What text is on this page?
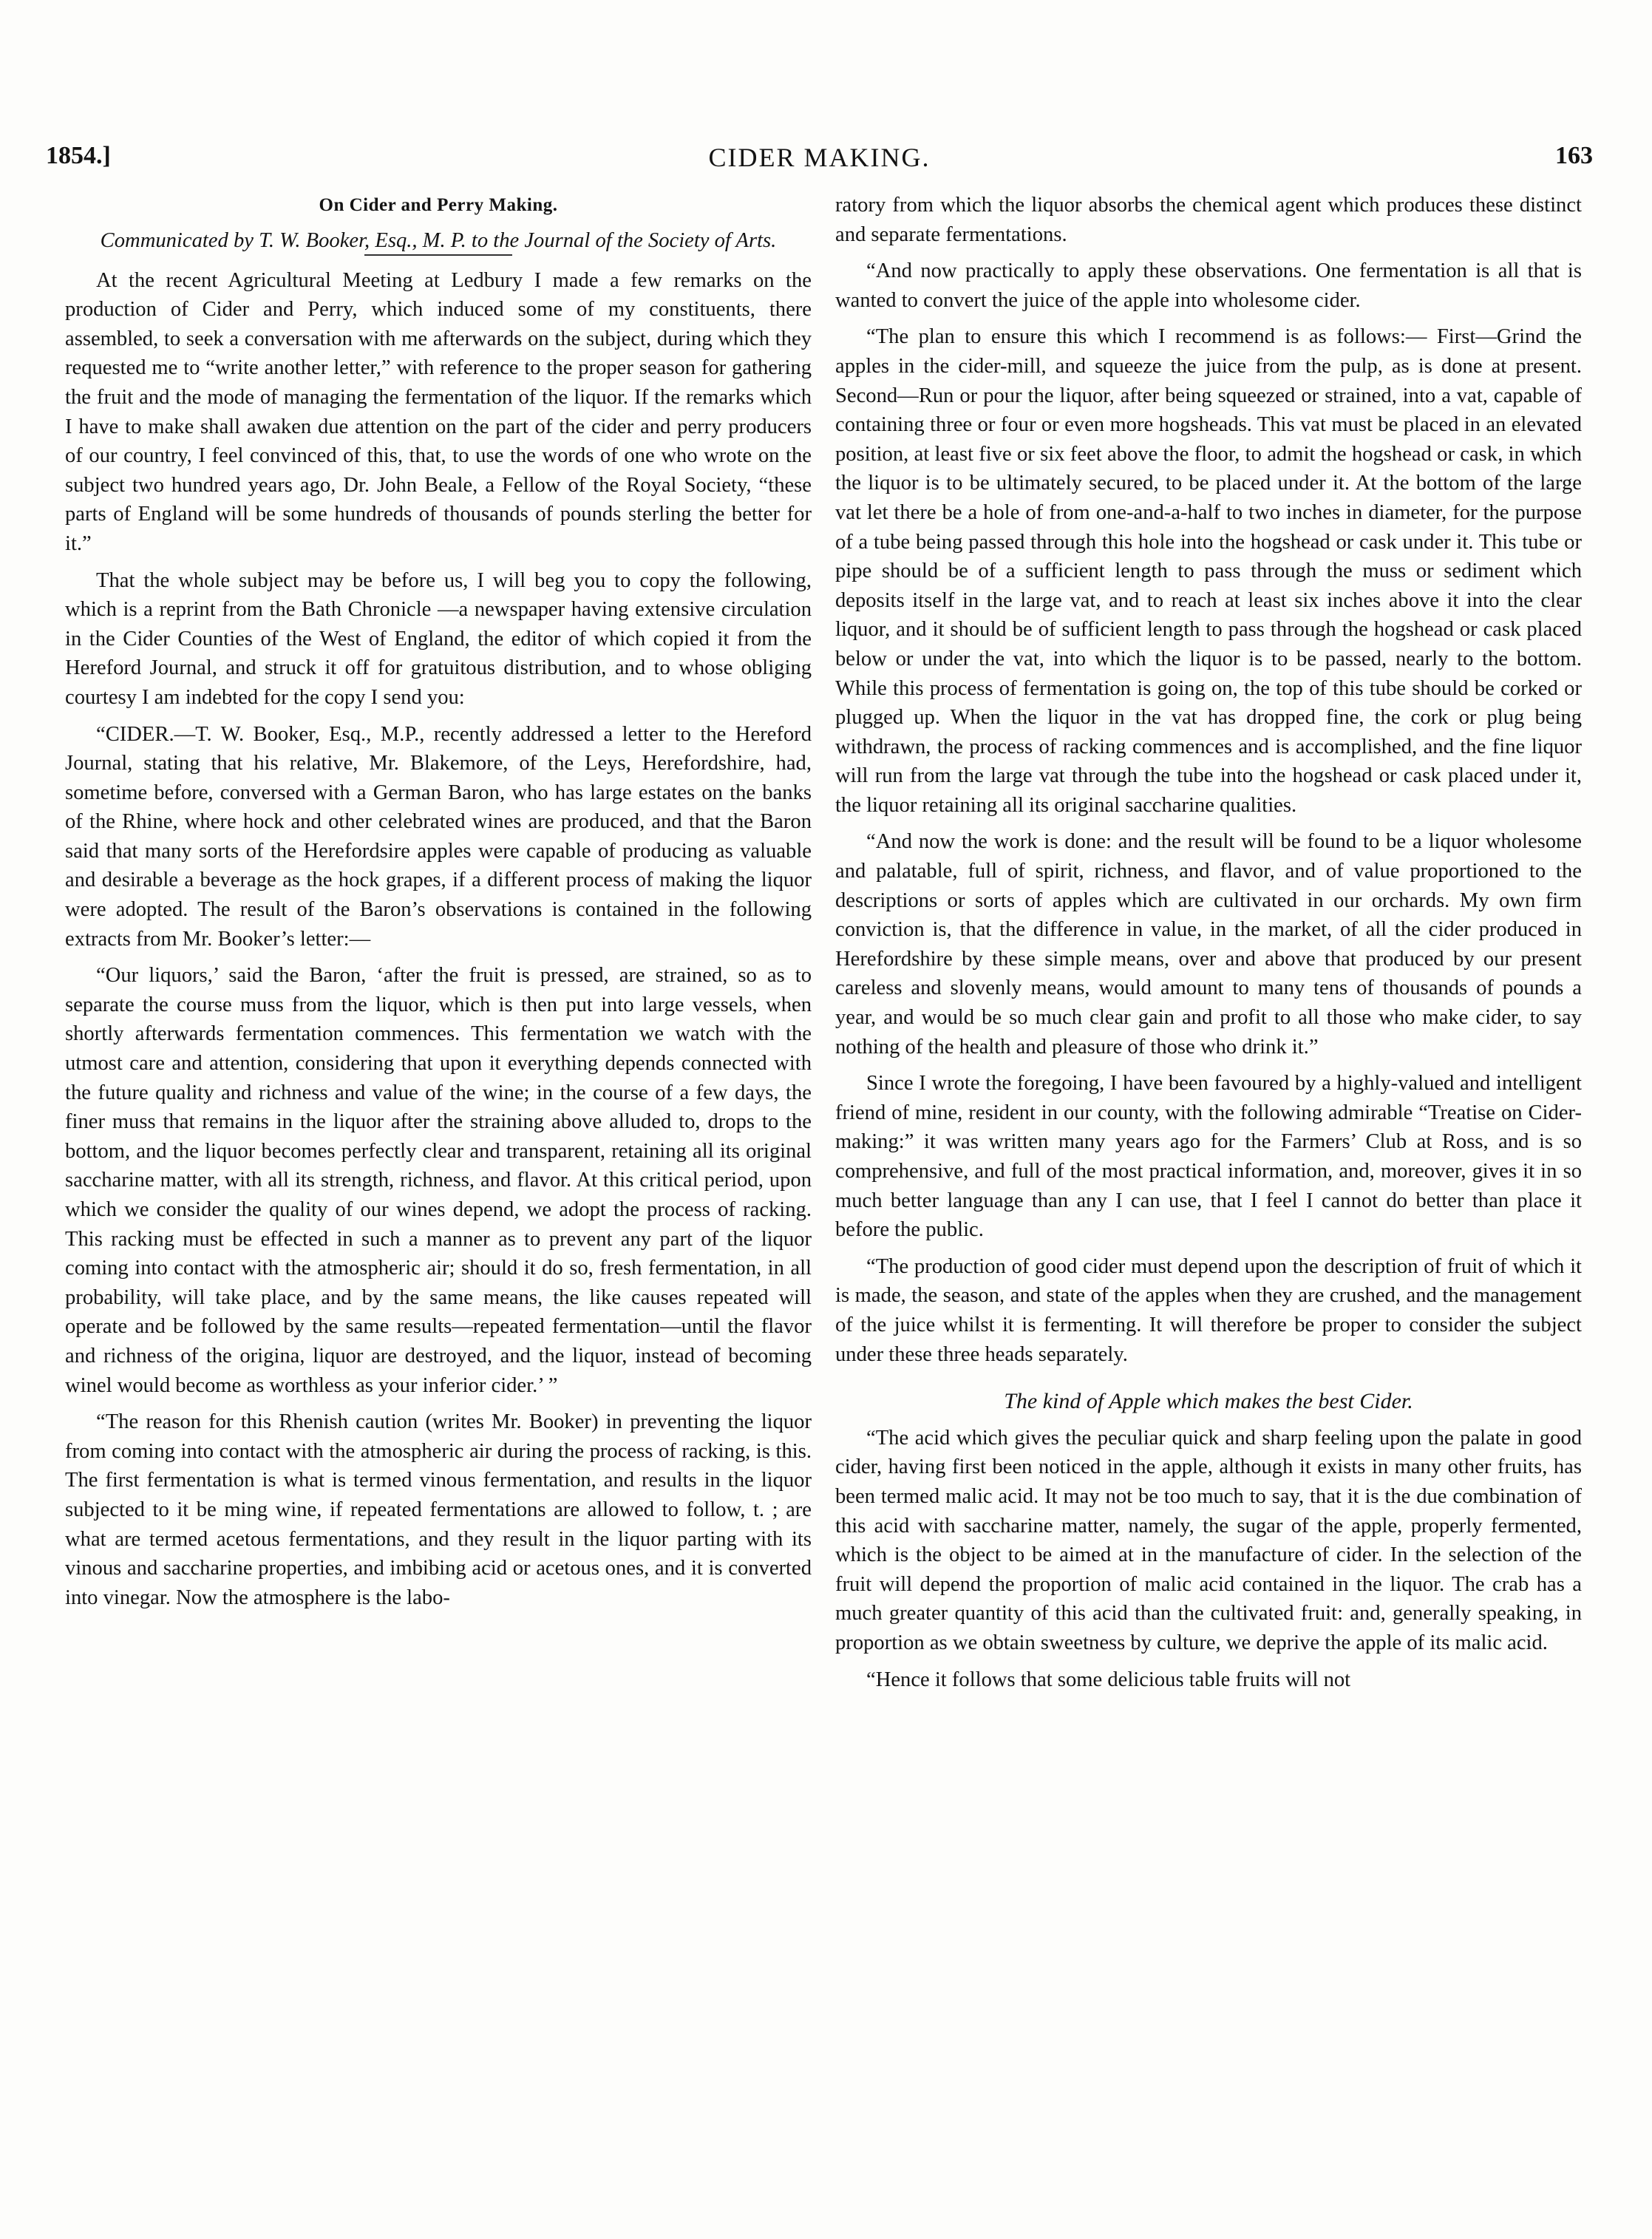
1854.]	CIDER MAKING.	163

On Cider and Perry Making.

Communicated by T. W. Booker, Esq., M. P. to the Journal of the Society of Arts.

At the recent Agricultural Meeting at Ledbury I made a few remarks on the production of Cider and Perry, which induced some of my constituents, there assembled, to seek a conversation with me afterwards on the subject, during which they requested me to “write another letter,” with reference to the proper season for gathering the fruit and the mode of managing the fermentation of the liquor. If the remarks which I have to make shall awaken due attention on the part of the cider and perry producers of our country, I feel convinced of this, that, to use the words of one who wrote on the subject two hundred years ago, Dr. John Beale, a Fellow of the Royal Society, “these parts of England will be some hundreds of thousands of pounds sterling the better for it.”

That the whole subject may be before us, I will beg you to copy the following, which is a reprint from the Bath Chronicle —a newspaper having extensive circulation in the Cider Counties of the West of England, the editor of which copied it from the Hereford Journal, and struck it off for gratuitous distribution, and to whose obliging courtesy I am indebted for the copy I send you:

“CIDER.—T. W. Booker, Esq., M.P., recently addressed a letter to the Hereford Journal, stating that his relative, Mr. Blakemore, of the Leys, Herefordshire, had, sometime before, conversed with a German Baron, who has large estates on the banks of the Rhine, where hock and other celebrated wines are produced, and that the Baron said that many sorts of the Herefordsire apples were capable of producing as valuable and desirable a beverage as the hock grapes, if a different process of making the liquor were adopted. The result of the Baron’s observations is contained in the following extracts from Mr. Booker’s letter:—

“Our liquors,’ said the Baron, ‘after the fruit is pressed, are strained, so as to separate the course muss from the liquor, which is then put into large vessels, when shortly afterwards fermentation commences. This fermentation we watch with the utmost care and attention, considering that upon it everything depends connected with the future quality and richness and value of the wine; in the course of a few days, the finer muss that remains in the liquor after the straining above alluded to, drops to the bottom, and the liquor becomes perfectly clear and transparent, retaining all its original saccharine matter, with all its strength, richness, and flavor. At this critical period, upon which we consider the quality of our wines depend, we adopt the process of racking. This racking must be effected in such a manner as to prevent any part of the liquor coming into contact with the atmospheric air; should it do so, fresh fermentation, in all probability, will take place, and by the same means, the like causes repeated will operate and be followed by the same results—repeated fermentation—until the flavor and richness of the origina, liquor are destroyed, and the liquor, instead of becoming winel would become as worthless as your inferior cider.’ ”

“The reason for this Rhenish caution (writes Mr. Booker) in preventing the liquor from coming into contact with the atmospheric air during the process of racking, is this. The first fermentation is what is termed vinous fermentation, and results in the liquor subjected to it be ming wine, if repeated fermentations are allowed to follow, t. ; are what are termed acetous fermentations, and they result in the liquor parting with its vinous and saccharine properties, and imbibing acid or acetous ones, and it is converted into vinegar. Now the atmosphere is the labo-

ratory from which the liquor absorbs the chemical agent which produces these distinct and separate fermentations.

“And now practically to apply these observations. One fermentation is all that is wanted to convert the juice of the apple into wholesome cider.

“The plan to ensure this which I recommend is as follows:— First—Grind the apples in the cider-mill, and squeeze the juice from the pulp, as is done at present. Second—Run or pour the liquor, after being squeezed or strained, into a vat, capable of containing three or four or even more hogsheads. This vat must be placed in an elevated position, at least five or six feet above the floor, to admit the hogshead or cask, in which the liquor is to be ultimately secured, to be placed under it. At the bottom of the large vat let there be a hole of from one-and-a-half to two inches in diameter, for the purpose of a tube being passed through this hole into the hogshead or cask under it. This tube or pipe should be of a sufficient length to pass through the muss or sediment which deposits itself in the large vat, and to reach at least six inches above it into the clear liquor, and it should be of sufficient length to pass through the hogshead or cask placed below or under the vat, into which the liquor is to be passed, nearly to the bottom. While this process of fermentation is going on, the top of this tube should be corked or plugged up. When the liquor in the vat has dropped fine, the cork or plug being withdrawn, the process of racking commences and is accomplished, and the fine liquor will run from the large vat through the tube into the hogshead or cask placed under it, the liquor retaining all its original saccharine qualities.

“And now the work is done: and the result will be found to be a liquor wholesome and palatable, full of spirit, richness, and flavor, and of value proportioned to the descriptions or sorts of apples which are cultivated in our orchards. My own firm conviction is, that the difference in value, in the market, of all the cider produced in Herefordshire by these simple means, over and above that produced by our present careless and slovenly means, would amount to many tens of thousands of pounds a year, and would be so much clear gain and profit to all those who make cider, to say nothing of the health and pleasure of those who drink it.”

Since I wrote the foregoing, I have been favoured by a highly-valued and intelligent friend of mine, resident in our county, with the following admirable “Treatise on Cider-making:” it was written many years ago for the Farmers’ Club at Ross, and is so comprehensive, and full of the most practical information, and, moreover, gives it in so much better language than any I can use, that I feel I cannot do better than place it before the public.

“The production of good cider must depend upon the description of fruit of which it is made, the season, and state of the apples when they are crushed, and the management of the juice whilst it is fermenting. It will therefore be proper to consider the subject under these three heads separately.

The kind of Apple which makes the best Cider.

“The acid which gives the peculiar quick and sharp feeling upon the palate in good cider, having first been noticed in the apple, although it exists in many other fruits, has been termed malic acid. It may not be too much to say, that it is the due combination of this acid with saccharine matter, namely, the sugar of the apple, properly fermented, which is the object to be aimed at in the manufacture of cider. In the selection of the fruit will depend the proportion of malic acid contained in the liquor. The crab has a much greater quantity of this acid than the cultivated fruit: and, generally speaking, in proportion as we obtain sweetness by culture, we deprive the apple of its malic acid.

“Hence it follows that some delicious table fruits will not
